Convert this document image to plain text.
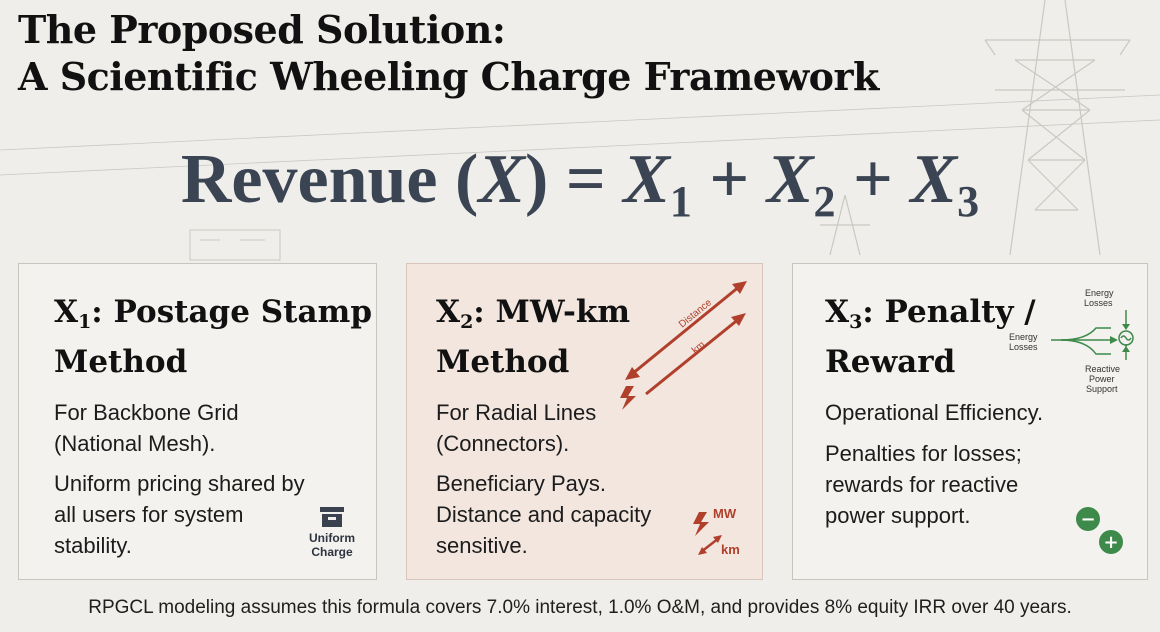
The Proposed Solution:
A Scientific Wheeling Charge Framework
Revenue $(X) = X_1 + X_2 + X_3$
$X_1$: Postage Stamp
Method

For Backbone Grid
(National Mesh).

Uniform pricing shared by
all users for system
stability.	Uniform
Charge
$X_2$: MW-km
Method
Distance
km

For Radial Lines
(Connectors).

Beneficiary Pays.
Distance and capacity
sensitive.

MW
km
$X_3$: Penalty /
Reward
Energy
Losses
Energy
Losses
Reactive
Power
Support

Operational Efficiency.

Penalties for losses;
rewards for reactive
power support.	−
+
RPGCL modeling assumes this formula covers 7.0% interest, 1.0% O&M, and provides 8% equity IRR over 40 years.
